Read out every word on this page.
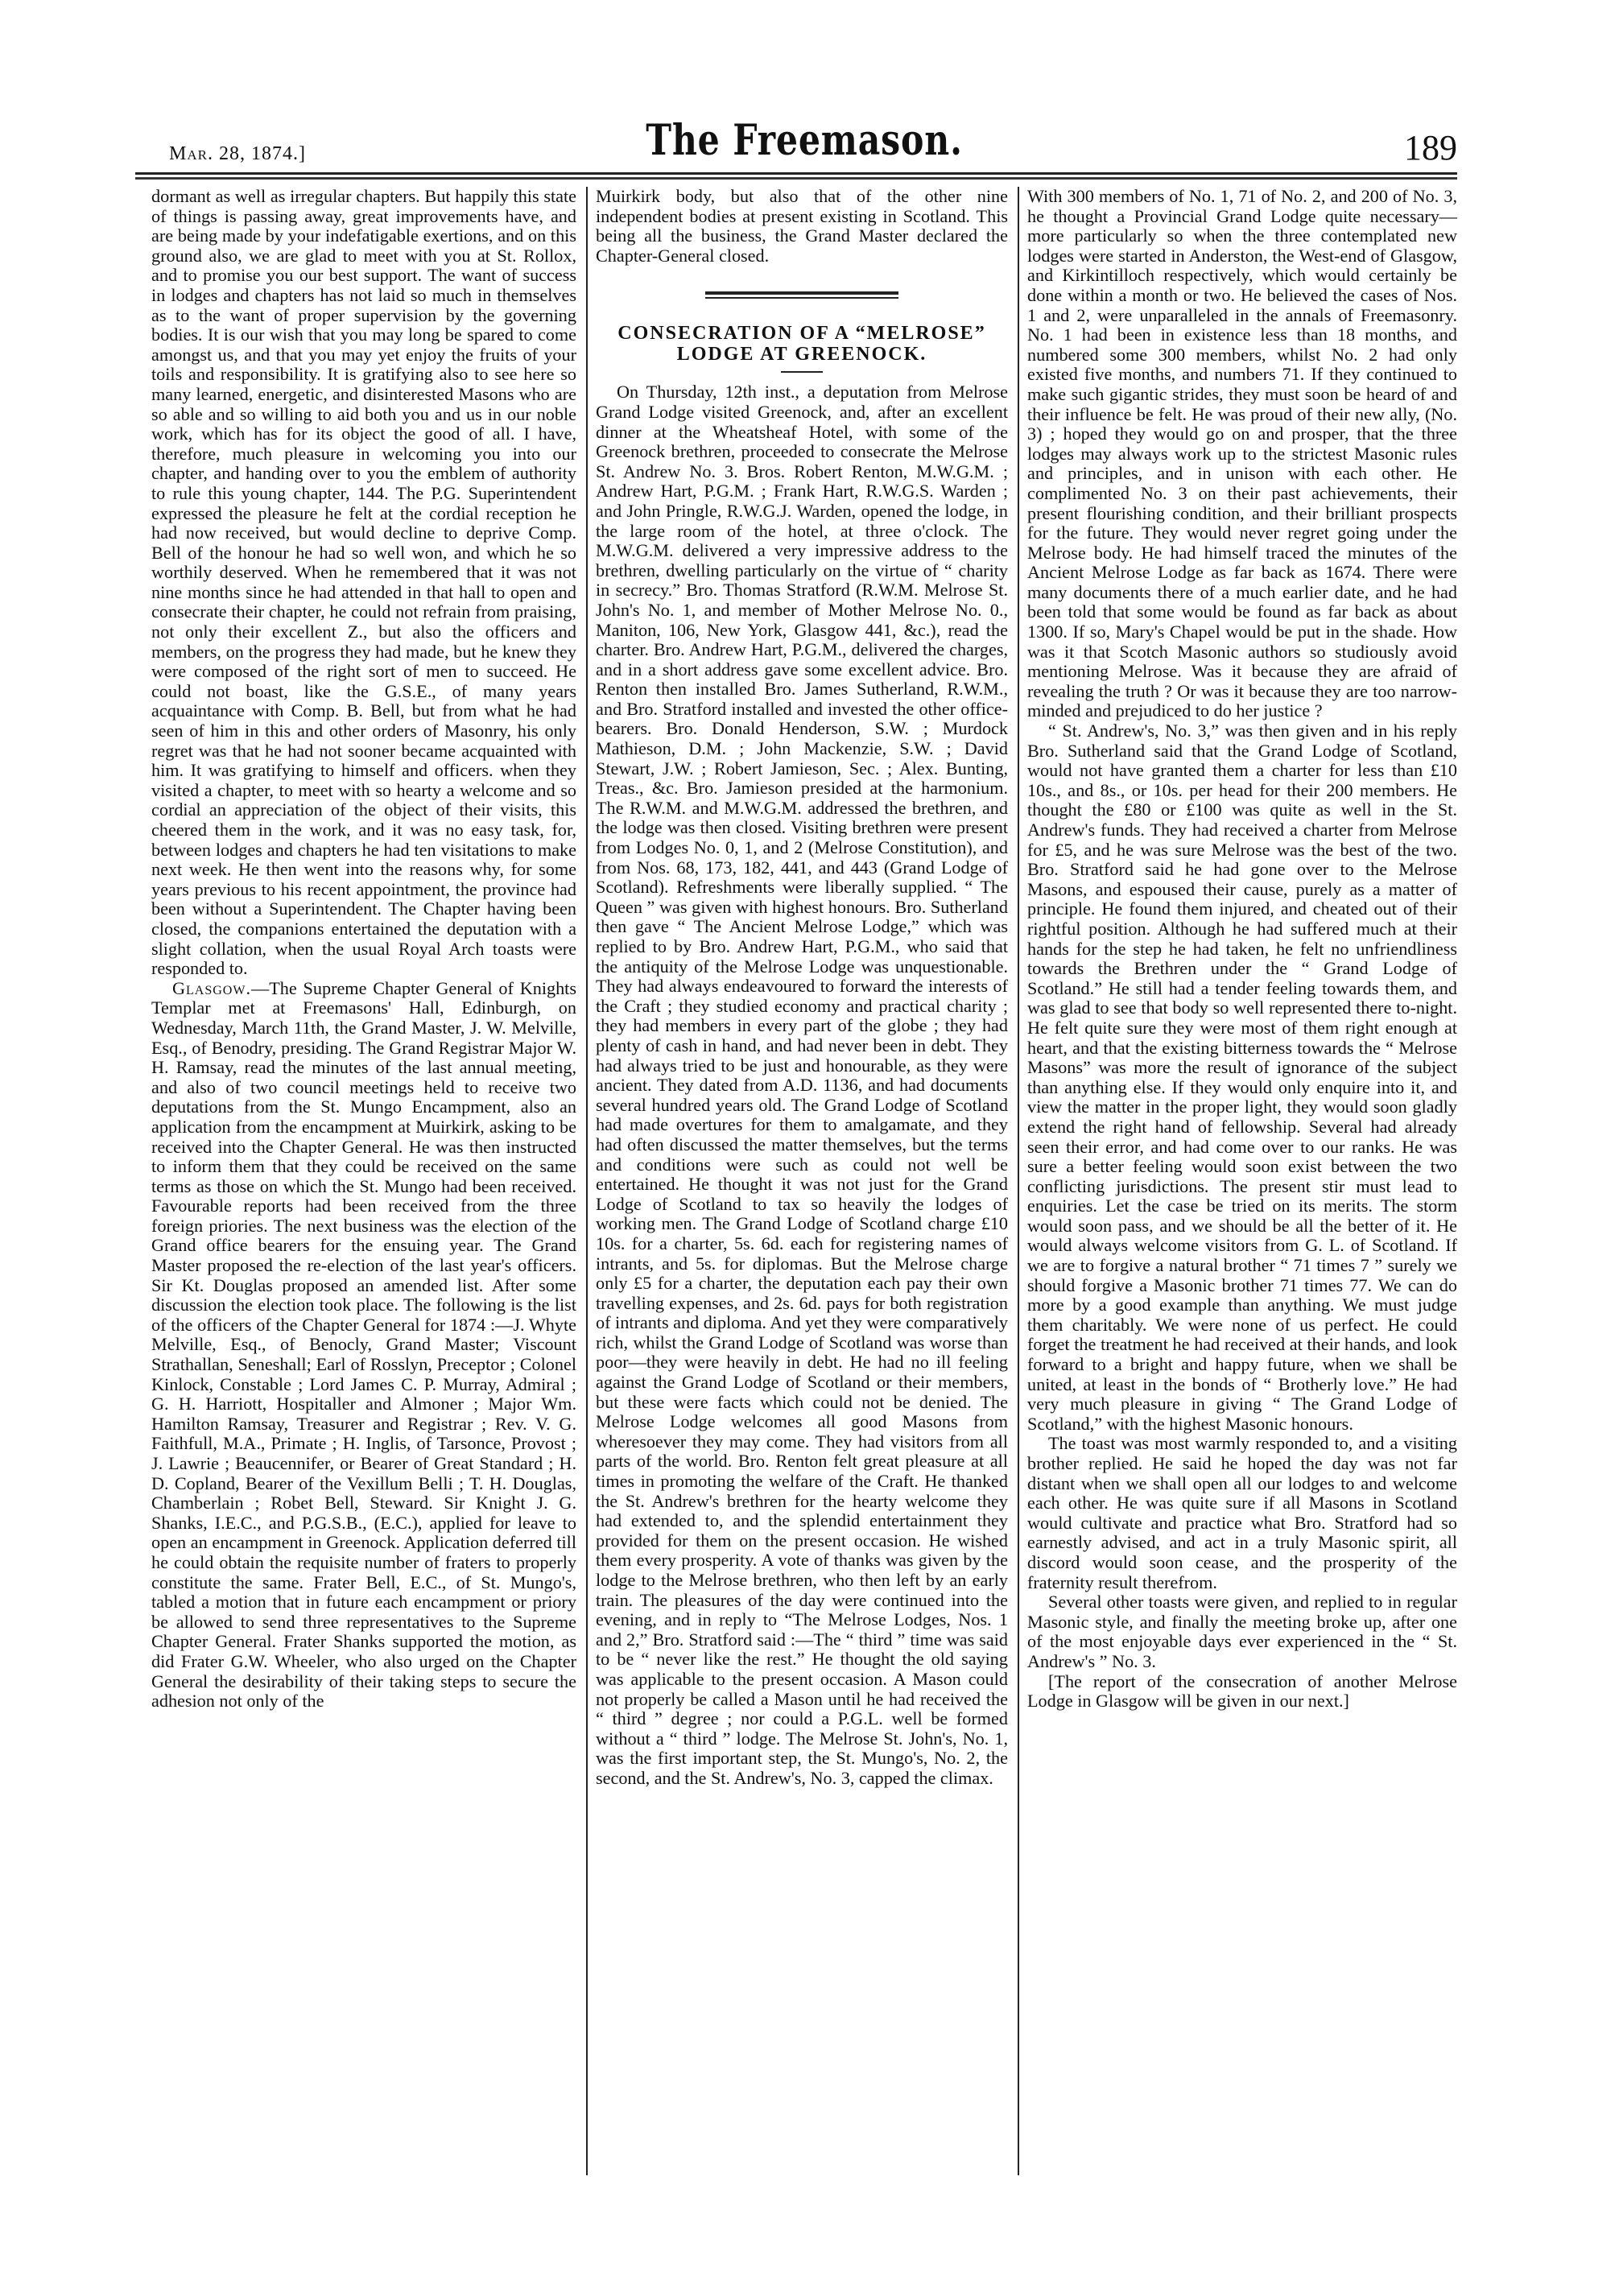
Mar. 28, 1874.]	The Freemason.	189

dormant as well as irregular chapters. But happily this state of things is passing away, great improvements have, and are being made by your indefatigable exertions, and on this ground also, we are glad to meet with you at St. Rollox, and to promise you our best support. The want of success in lodges and chapters has not laid so much in themselves as to the want of proper supervision by the governing bodies. It is our wish that you may long be spared to come amongst us, and that you may yet enjoy the fruits of your toils and responsibility. It is gratifying also to see here so many learned, energetic, and disinterested Masons who are so able and so willing to aid both you and us in our noble work, which has for its object the good of all. I have, therefore, much pleasure in welcoming you into our chapter, and handing over to you the emblem of authority to rule this young chapter, 144. The P.G. Superintendent expressed the pleasure he felt at the cordial reception he had now received, but would decline to deprive Comp. Bell of the honour he had so well won, and which he so worthily deserved. When he remembered that it was not nine months since he had attended in that hall to open and consecrate their chapter, he could not refrain from praising, not only their excellent Z., but also the officers and members, on the progress they had made, but he knew they were composed of the right sort of men to succeed. He could not boast, like the G.S.E., of many years acquaintance with Comp. B. Bell, but from what he had seen of him in this and other orders of Masonry, his only regret was that he had not sooner became acquainted with him. It was gratifying to himself and officers. when they visited a chapter, to meet with so hearty a welcome and so cordial an appreciation of the object of their visits, this cheered them in the work, and it was no easy task, for, between lodges and chapters he had ten visitations to make next week. He then went into the reasons why, for some years previous to his recent appointment, the province had been without a Superintendent. The Chapter having been closed, the companions entertained the deputation with a slight collation, when the usual Royal Arch toasts were responded to.

Glasgow.—The Supreme Chapter General of Knights Templar met at Freemasons' Hall, Edinburgh, on Wednesday, March 11th, the Grand Master, J. W. Melville, Esq., of Benodry, presiding. The Grand Registrar Major W. H. Ramsay, read the minutes of the last annual meeting, and also of two council meetings held to receive two deputations from the St. Mungo Encampment, also an application from the encampment at Muirkirk, asking to be received into the Chapter General. He was then instructed to inform them that they could be received on the same terms as those on which the St. Mungo had been received. Favourable reports had been received from the three foreign priories. The next business was the election of the Grand office bearers for the ensuing year. The Grand Master proposed the re-election of the last year's officers. Sir Kt. Douglas proposed an amended list. After some discussion the election took place. The following is the list of the officers of the Chapter General for 1874 :—J. Whyte Melville, Esq., of Benocly, Grand Master; Viscount Strathallan, Seneshall; Earl of Rosslyn, Preceptor ; Colonel Kinlock, Constable ; Lord James C. P. Murray, Admiral ; G. H. Harriott, Hospitaller and Almoner ; Major Wm. Hamilton Ramsay, Treasurer and Registrar ; Rev. V. G. Faithfull, M.A., Primate ; H. Inglis, of Tarsonce, Provost ; J. Lawrie ; Beaucennifer, or Bearer of Great Standard ; H. D. Copland, Bearer of the Vexillum Belli ; T. H. Douglas, Chamberlain ; Robet Bell, Steward. Sir Knight J. G. Shanks, I.E.C., and P.G.S.B., (E.C.), applied for leave to open an encampment in Greenock. Application deferred till he could obtain the requisite number of fraters to properly constitute the same. Frater Bell, E.C., of St. Mungo's, tabled a motion that in future each encampment or priory be allowed to send three representatives to the Supreme Chapter General. Frater Shanks supported the motion, as did Frater G.W. Wheeler, who also urged on the Chapter General the desirability of their taking steps to secure the adhesion not only of the

Muirkirk body, but also that of the other nine independent bodies at present existing in Scotland. This being all the business, the Grand Master declared the Chapter-General closed.

CONSECRATION OF A “MELROSE” LODGE AT GREENOCK.

On Thursday, 12th inst., a deputation from Melrose Grand Lodge visited Greenock, and, after an excellent dinner at the Wheatsheaf Hotel, with some of the Greenock brethren, proceeded to consecrate the Melrose St. Andrew No. 3. Bros. Robert Renton, M.W.G.M. ; Andrew Hart, P.G.M. ; Frank Hart, R.W.G.S. Warden ; and John Pringle, R.W.G.J. Warden, opened the lodge, in the large room of the hotel, at three o'clock. The M.W.G.M. delivered a very impressive address to the brethren, dwelling particularly on the virtue of “ charity in secrecy.” Bro. Thomas Stratford (R.W.M. Melrose St. John's No. 1, and member of Mother Melrose No. 0., Maniton, 106, New York, Glasgow 441, &c.), read the charter. Bro. Andrew Hart, P.G.M., delivered the charges, and in a short address gave some excellent advice. Bro. Renton then installed Bro. James Sutherland, R.W.M., and Bro. Stratford installed and invested the other office-bearers. Bro. Donald Henderson, S.W. ; Murdock Mathieson, D.M. ; John Mackenzie, S.W. ; David Stewart, J.W. ; Robert Jamieson, Sec. ; Alex. Bunting, Treas., &c. Bro. Jamieson presided at the harmonium. The R.W.M. and M.W.G.M. addressed the brethren, and the lodge was then closed. Visiting brethren were present from Lodges No. 0, 1, and 2 (Melrose Constitution), and from Nos. 68, 173, 182, 441, and 443 (Grand Lodge of Scotland). Refreshments were liberally supplied. “ The Queen ” was given with highest honours. Bro. Sutherland then gave “ The Ancient Melrose Lodge,” which was replied to by Bro. Andrew Hart, P.G.M., who said that the antiquity of the Melrose Lodge was unquestionable. They had always endeavoured to forward the interests of the Craft ; they studied economy and practical charity ; they had members in every part of the globe ; they had plenty of cash in hand, and had never been in debt. They had always tried to be just and honourable, as they were ancient. They dated from A.D. 1136, and had documents several hundred years old. The Grand Lodge of Scotland had made overtures for them to amalgamate, and they had often discussed the matter themselves, but the terms and conditions were such as could not well be entertained. He thought it was not just for the Grand Lodge of Scotland to tax so heavily the lodges of working men. The Grand Lodge of Scotland charge £10 10s. for a charter, 5s. 6d. each for registering names of intrants, and 5s. for diplomas. But the Melrose charge only £5 for a charter, the deputation each pay their own travelling expenses, and 2s. 6d. pays for both registration of intrants and diploma. And yet they were comparatively rich, whilst the Grand Lodge of Scotland was worse than poor—they were heavily in debt. He had no ill feeling against the Grand Lodge of Scotland or their members, but these were facts which could not be denied. The Melrose Lodge welcomes all good Masons from wheresoever they may come. They had visitors from all parts of the world. Bro. Renton felt great pleasure at all times in promoting the welfare of the Craft. He thanked the St. Andrew's brethren for the hearty welcome they had extended to, and the splendid entertainment they provided for them on the present occasion. He wished them every prosperity. A vote of thanks was given by the lodge to the Melrose brethren, who then left by an early train. The pleasures of the day were continued into the evening, and in reply to “The Melrose Lodges, Nos. 1 and 2,” Bro. Stratford said :—The “ third ” time was said to be “ never like the rest.” He thought the old saying was applicable to the present occasion. A Mason could not properly be called a Mason until he had received the “ third ” degree ; nor could a P.G.L. well be formed without a “ third ” lodge. The Melrose St. John's, No. 1, was the first important step, the St. Mungo's, No. 2, the second, and the St. Andrew's, No. 3, capped the climax.

With 300 members of No. 1, 71 of No. 2, and 200 of No. 3, he thought a Provincial Grand Lodge quite necessary—more particularly so when the three contemplated new lodges were started in Anderston, the West-end of Glasgow, and Kirkintilloch respectively, which would certainly be done within a month or two. He believed the cases of Nos. 1 and 2, were unparalleled in the annals of Freemasonry. No. 1 had been in existence less than 18 months, and numbered some 300 members, whilst No. 2 had only existed five months, and numbers 71. If they continued to make such gigantic strides, they must soon be heard of and their influence be felt. He was proud of their new ally, (No. 3) ; hoped they would go on and prosper, that the three lodges may always work up to the strictest Masonic rules and principles, and in unison with each other. He complimented No. 3 on their past achievements, their present flourishing condition, and their brilliant prospects for the future. They would never regret going under the Melrose body. He had himself traced the minutes of the Ancient Melrose Lodge as far back as 1674. There were many documents there of a much earlier date, and he had been told that some would be found as far back as about 1300. If so, Mary's Chapel would be put in the shade. How was it that Scotch Masonic authors so studiously avoid mentioning Melrose. Was it because they are afraid of revealing the truth ? Or was it because they are too narrow-minded and prejudiced to do her justice ?

“ St. Andrew's, No. 3,” was then given and in his reply Bro. Sutherland said that the Grand Lodge of Scotland, would not have granted them a charter for less than £10 10s., and 8s., or 10s. per head for their 200 members. He thought the £80 or £100 was quite as well in the St. Andrew's funds. They had received a charter from Melrose for £5, and he was sure Melrose was the best of the two. Bro. Stratford said he had gone over to the Melrose Masons, and espoused their cause, purely as a matter of principle. He found them injured, and cheated out of their rightful position. Although he had suffered much at their hands for the step he had taken, he felt no unfriendliness towards the Brethren under the “ Grand Lodge of Scotland.” He still had a tender feeling towards them, and was glad to see that body so well represented there to-night. He felt quite sure they were most of them right enough at heart, and that the existing bitterness towards the “ Melrose Masons” was more the result of ignorance of the subject than anything else. If they would only enquire into it, and view the matter in the proper light, they would soon gladly extend the right hand of fellowship. Several had already seen their error, and had come over to our ranks. He was sure a better feeling would soon exist between the two conflicting jurisdictions. The present stir must lead to enquiries. Let the case be tried on its merits. The storm would soon pass, and we should be all the better of it. He would always welcome visitors from G. L. of Scotland. If we are to forgive a natural brother “ 71 times 7 ” surely we should forgive a Masonic brother 71 times 77. We can do more by a good example than anything. We must judge them charitably. We were none of us perfect. He could forget the treatment he had received at their hands, and look forward to a bright and happy future, when we shall be united, at least in the bonds of “ Brotherly love.” He had very much pleasure in giving “ The Grand Lodge of Scotland,” with the highest Masonic honours.

The toast was most warmly responded to, and a visiting brother replied. He said he hoped the day was not far distant when we shall open all our lodges to and welcome each other. He was quite sure if all Masons in Scotland would cultivate and practice what Bro. Stratford had so earnestly advised, and act in a truly Masonic spirit, all discord would soon cease, and the prosperity of the fraternity result therefrom.

Several other toasts were given, and replied to in regular Masonic style, and finally the meeting broke up, after one of the most enjoyable days ever experienced in the “ St. Andrew's ” No. 3.

[The report of the consecration of another Melrose Lodge in Glasgow will be given in our next.]
